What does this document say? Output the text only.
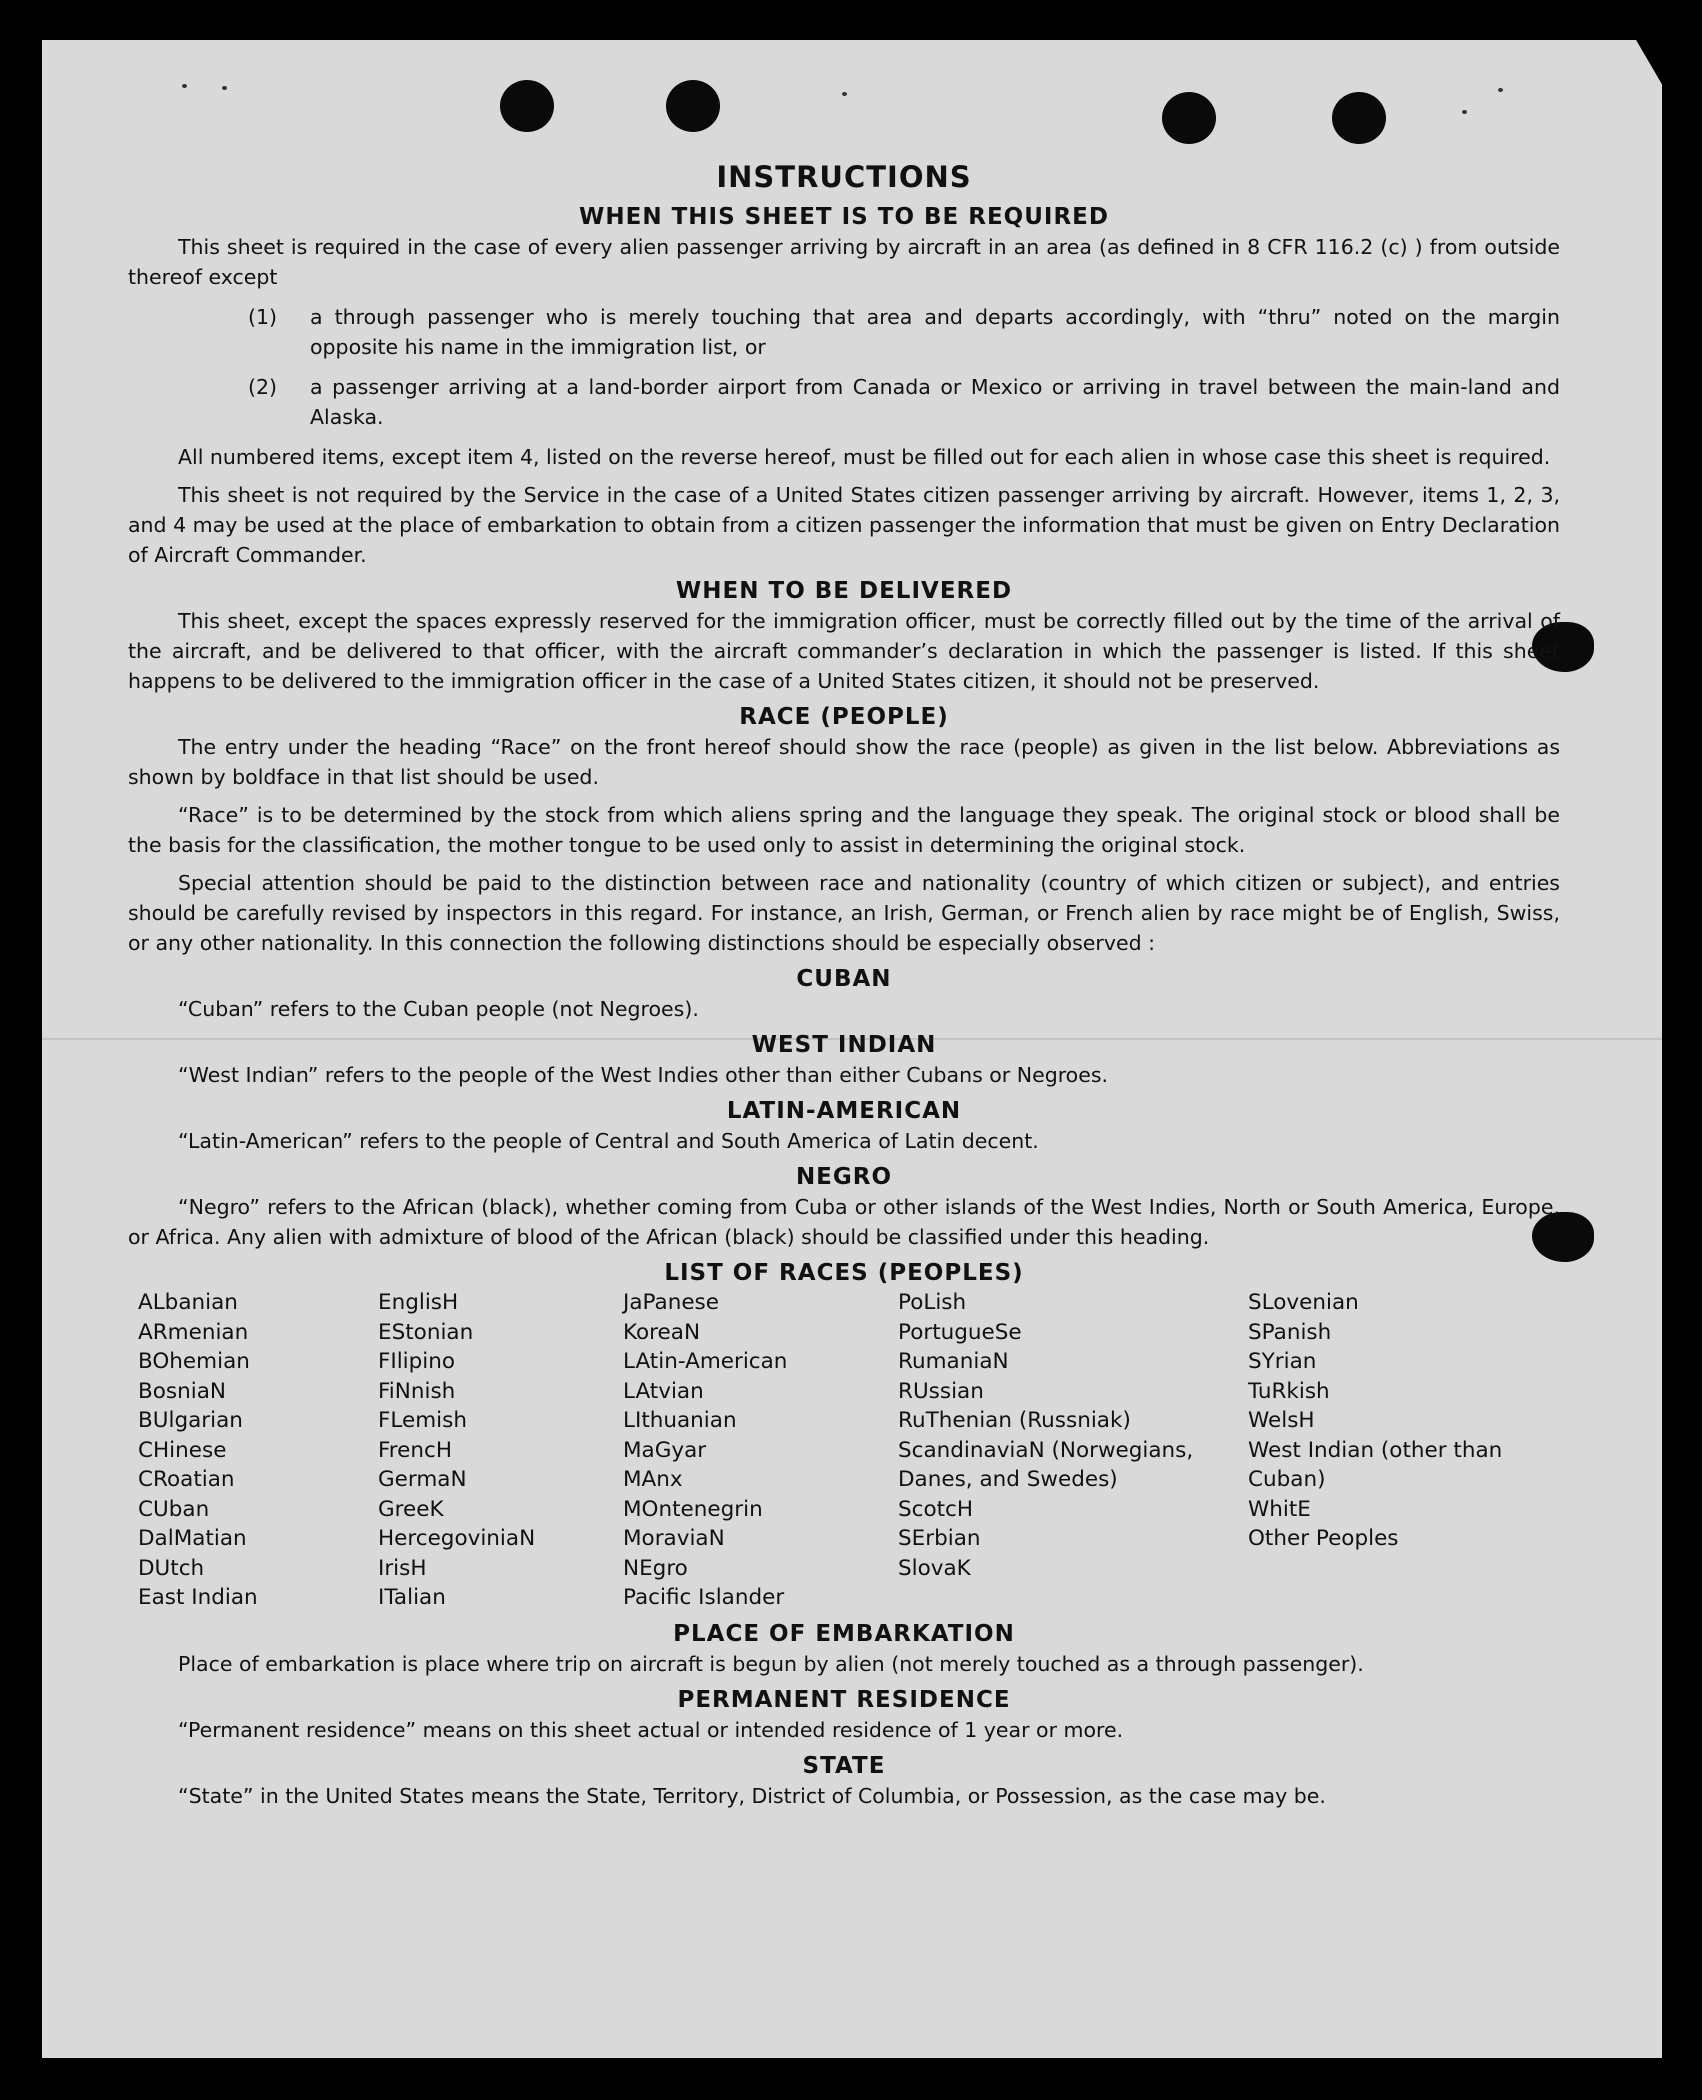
INSTRUCTIONS
WHEN THIS SHEET IS TO BE REQUIRED

This sheet is required in the case of every alien passenger arriving by aircraft in an area (as defined in 8 CFR 116.2 (c) ) from outside thereof except

(1)	a through passenger who is merely touching that area and departs accordingly, with “thru” noted on the margin opposite his name in the immigration list, or
(2)	a passenger arriving at a land-border airport from Canada or Mexico or arriving in travel between the main-land and Alaska.

All numbered items, except item 4, listed on the reverse hereof, must be filled out for each alien in whose case this sheet is required.

This sheet is not required by the Service in the case of a United States citizen passenger arriving by aircraft. However, items 1, 2, 3, and 4 may be used at the place of embarkation to obtain from a citizen passenger the information that must be given on Entry Declaration of Aircraft Commander.

WHEN TO BE DELIVERED

This sheet, except the spaces expressly reserved for the immigration officer, must be correctly filled out by the time of the arrival of the aircraft, and be delivered to that officer, with the aircraft commander’s declaration in which the passenger is listed. If this sheet happens to be delivered to the immigration officer in the case of a United States citizen, it should not be preserved.

RACE (PEOPLE)

The entry under the heading “Race” on the front hereof should show the race (people) as given in the list below. Abbreviations as shown by boldface in that list should be used.

“Race” is to be determined by the stock from which aliens spring and the language they speak. The original stock or blood shall be the basis for the classification, the mother tongue to be used only to assist in determining the original stock.

Special attention should be paid to the distinction between race and nationality (country of which citizen or subject), and entries should be carefully revised by inspectors in this regard. For instance, an Irish, German, or French alien by race might be of English, Swiss, or any other nationality. In this connection the following distinctions should be especially observed :

CUBAN

“Cuban” refers to the Cuban people (not Negroes).

WEST INDIAN

“West Indian” refers to the people of the West Indies other than either Cubans or Negroes.

LATIN-AMERICAN

“Latin-American” refers to the people of Central and South America of Latin decent.

NEGRO

“Negro” refers to the African (black), whether coming from Cuba or other islands of the West Indies, North or South America, Europe, or Africa. Any alien with admixture of blood of the African (black) should be classified under this heading.

LIST OF RACES (PEOPLES)
ALbanian
ARmenian
BOhemian
BosniaN
BUlgarian
CHinese
CRoatian
CUban
DalMatian
DUtch
East Indian
EnglisH
EStonian
FIlipino
FiNnish
FLemish
FrencH
GermaN
GreeK
HercegoviniaN
IrisH
ITalian
JaPanese
KoreaN
LAtin-American
LAtvian
LIthuanian
MaGyar
MAnx
MOntenegrin
MoraviaN
NEgro
Pacific Islander
PoLish
PortugueSe
RumaniaN
RUssian
RuThenian (Russniak)
ScandinaviaN (Norwegians, Danes, and Swedes)
ScotcH
SErbian
SlovaK
SLovenian
SPanish
SYrian
TuRkish
WelsH
West Indian (other than Cuban)
WhitE
Other Peoples
PLACE OF EMBARKATION

Place of embarkation is place where trip on aircraft is begun by alien (not merely touched as a through passenger).

PERMANENT RESIDENCE

“Permanent residence” means on this sheet actual or intended residence of 1 year or more.

STATE

“State” in the United States means the State, Territory, District of Columbia, or Possession, as the case may be.
